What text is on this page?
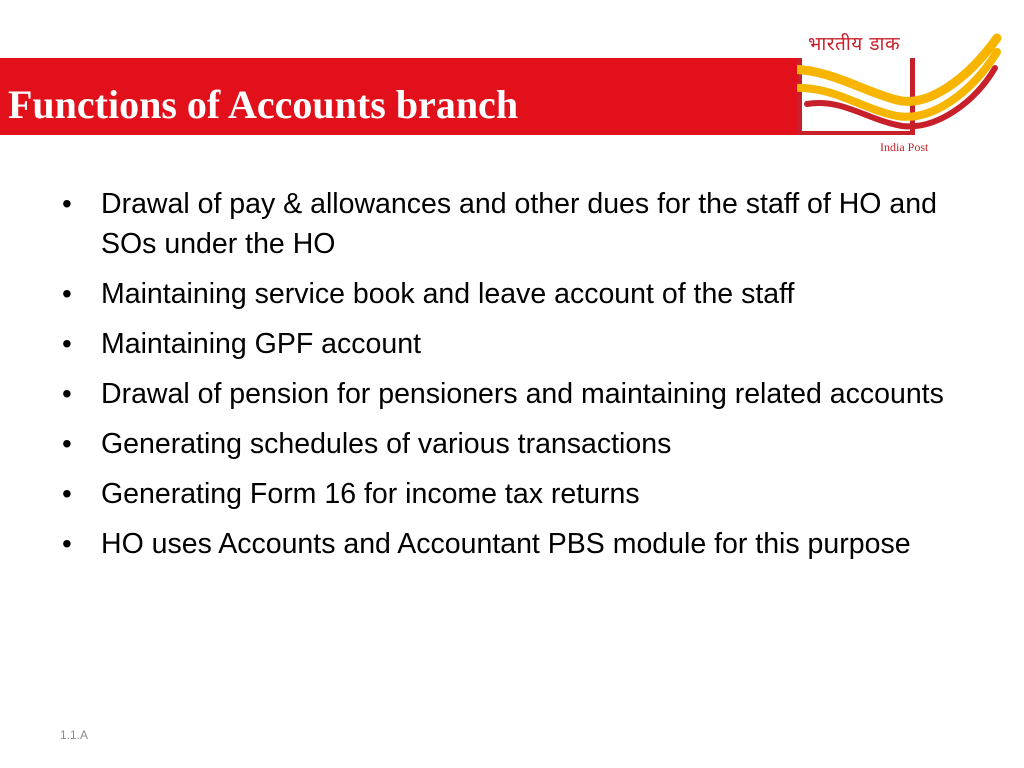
भारतीय डाक
India Post
Functions of Accounts branch
• Drawal of pay & allowances and other dues for the staff of HO and SOs under the HO
• Maintaining service book and leave account of the staff
• Maintaining GPF account
• Drawal of pension for pensioners and maintaining related accounts
• Generating schedules of various transactions
• Generating Form 16 for income tax returns
• HO uses Accounts and Accountant PBS module for this purpose
1.1.A
